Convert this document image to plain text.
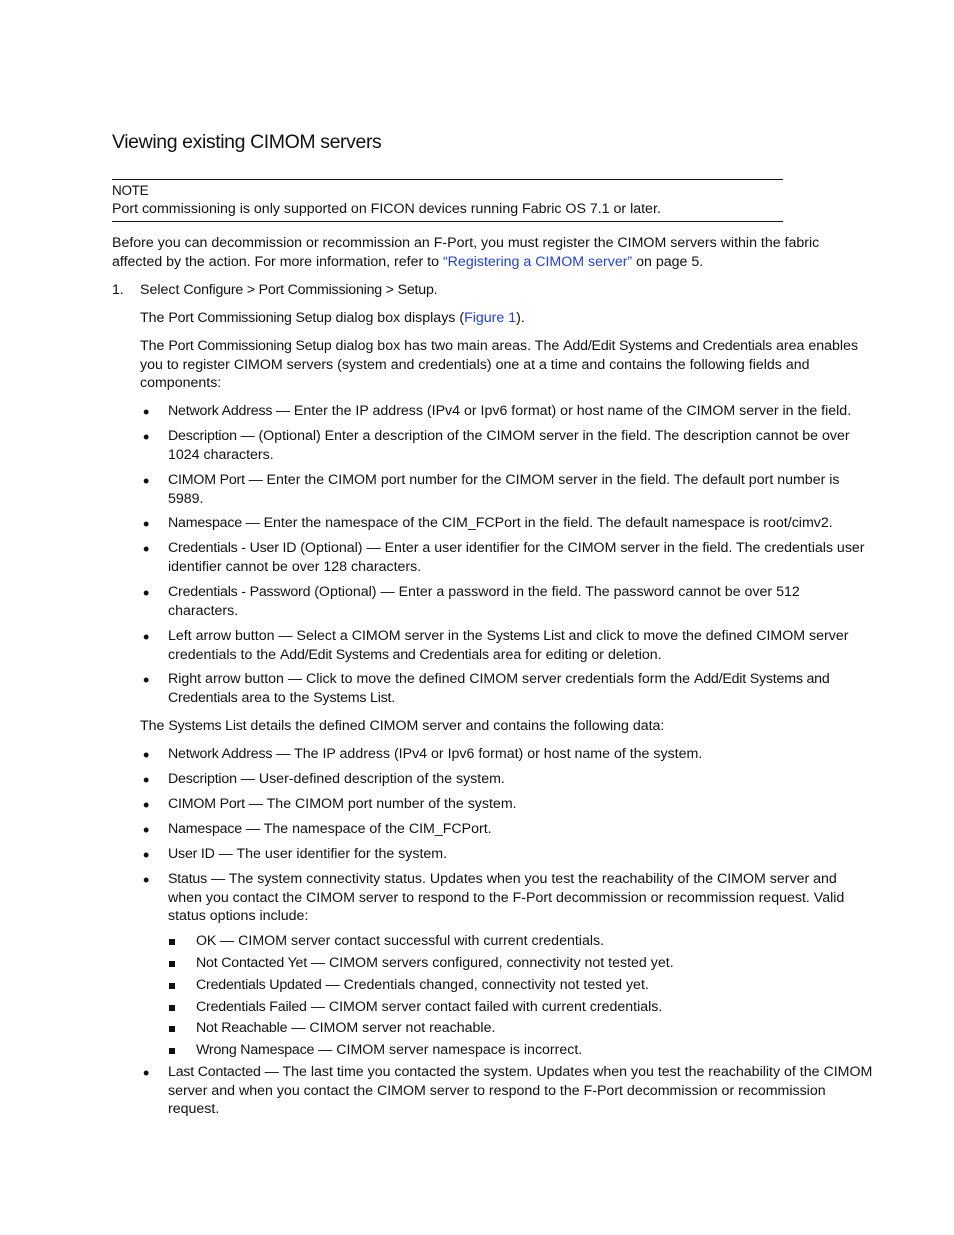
Viewing existing CIMOM servers
NOTE

Port commissioning is only supported on FICON devices running Fabric OS 7.1 or later.

Before you can decommission or recommission an F-Port, you must register the CIMOM servers within the fabric affected by the action. For more information, refer to “Registering a CIMOM server” on page 5.

1. Select Configure > Port Commissioning > Setup.

The Port Commissioning Setup dialog box displays (Figure 1).

The Port Commissioning Setup dialog box has two main areas. The Add/Edit Systems and Credentials area enables you to register CIMOM servers (system and credentials) one at a time and contains the following fields and components:

•

Network Address — Enter the IP address (IPv4 or Ipv6 format) or host name of the CIMOM server in the field.

•

Description — (Optional) Enter a description of the CIMOM server in the field. The description cannot be over 1024 characters.

•

CIMOM Port — Enter the CIMOM port number for the CIMOM server in the field. The default port number is 5989.

•

Namespace — Enter the namespace of the CIM_FCPort in the field. The default namespace is root/cimv2.

•

Credentials - User ID (Optional) — Enter a user identifier for the CIMOM server in the field. The credentials user identifier cannot be over 128 characters.

•

Credentials - Password (Optional) — Enter a password in the field. The password cannot be over 512 characters.

•

Left arrow button — Select a CIMOM server in the Systems List and click to move the defined CIMOM server credentials to the Add/Edit Systems and Credentials area for editing or deletion.

•

Right arrow button — Click to move the defined CIMOM server credentials form the Add/Edit Systems and Credentials area to the Systems List.

The Systems List details the defined CIMOM server and contains the following data:

•

Network Address — The IP address (IPv4 or Ipv6 format) or host name of the system.

•

Description — User-defined description of the system.

•

CIMOM Port — The CIMOM port number of the system.

•

Namespace — The namespace of the CIM_FCPort.

•

User ID — The user identifier for the system.

•

Status — The system connectivity status. Updates when you test the reachability of the CIMOM server and when you contact the CIMOM server to respond to the F-Port decommission or recommission request. Valid status options include:

OK — CIMOM server contact successful with current credentials.

Not Contacted Yet — CIMOM servers configured, connectivity not tested yet.

Credentials Updated — Credentials changed, connectivity not tested yet.

Credentials Failed — CIMOM server contact failed with current credentials.

Not Reachable — CIMOM server not reachable.

Wrong Namespace — CIMOM server namespace is incorrect.

•

Last Contacted — The last time you contacted the system. Updates when you test the reachability of the CIMOM server and when you contact the CIMOM server to respond to the F-Port decommission or recommission request.
